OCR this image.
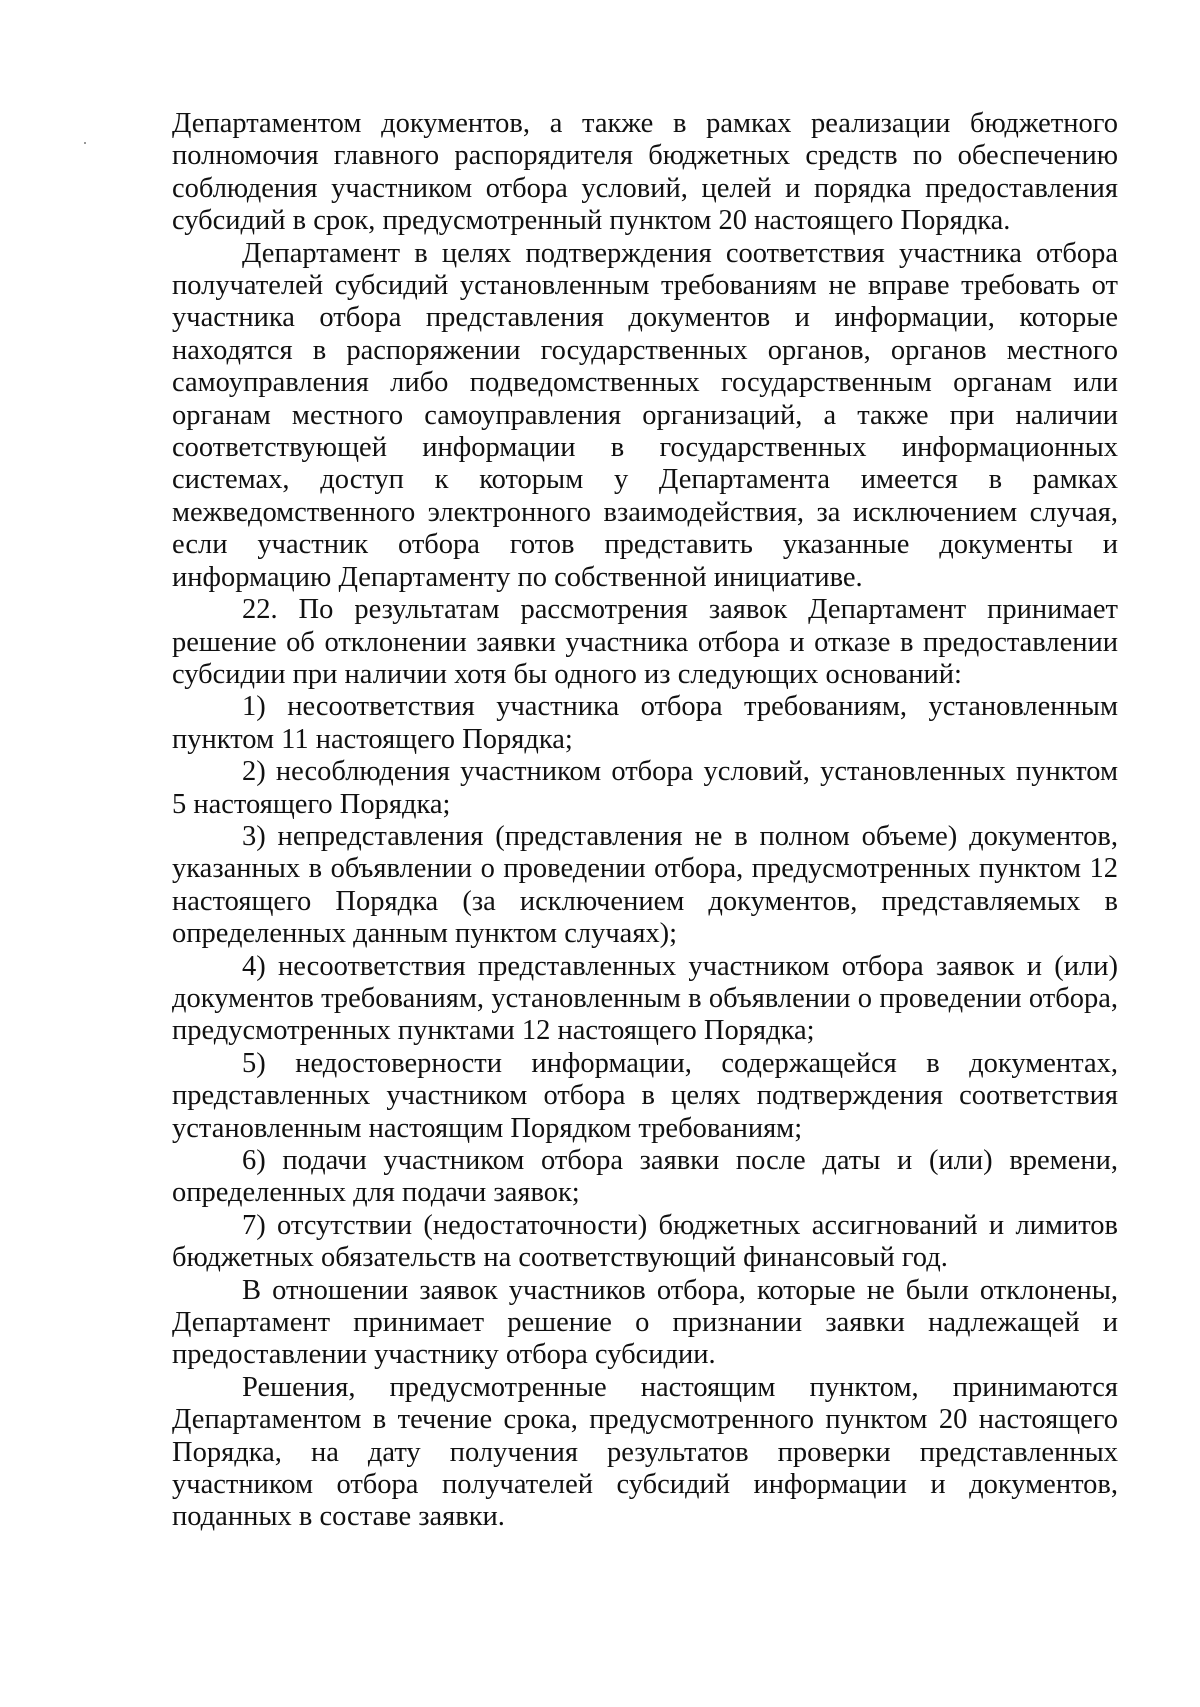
Департаментом документов, а также в рамках реализации бюджетного полномочия главного распорядителя бюджетных средств по обеспечению соблюдения участником отбора условий, целей и порядка предоставления субсидий в срок, предусмотренный пунктом 20 настоящего Порядка.

Департамент в целях подтверждения соответствия участника отбора получателей субсидий установленным требованиям не вправе требовать от участника отбора представления документов и информации, которые находятся в распоряжении государственных органов, органов местного самоуправления либо подведомственных государственным органам или органам местного самоуправления организаций, а также при наличии соответствующей информации в государственных информационных системах, доступ к которым у Департамента имеется в рамках межведомственного электронного взаимодействия, за исключением случая, если участник отбора готов представить указанные документы и информацию Департаменту по собственной инициативе.

22. По результатам рассмотрения заявок Департамент принимает решение об отклонении заявки участника отбора и отказе в предоставлении субсидии при наличии хотя бы одного из следующих оснований:

1) несоответствия участника отбора требованиям, установленным пунктом 11 настоящего Порядка;

2) несоблюдения участником отбора условий, установленных пунктом 5 настоящего Порядка;

3) непредставления (представления не в полном объеме) документов, указанных в объявлении о проведении отбора, предусмотренных пунктом 12 настоящего Порядка (за исключением документов, представляемых в определенных данным пунктом случаях);

4) несоответствия представленных участником отбора заявок и (или) документов требованиям, установленным в объявлении о проведении отбора, предусмотренных пунктами 12 настоящего Порядка;

5) недостоверности информации, содержащейся в документах, представленных участником отбора в целях подтверждения соответствия установленным настоящим Порядком требованиям;

6) подачи участником отбора заявки после даты и (или) времени, определенных для подачи заявок;

7) отсутствии (недостаточности) бюджетных ассигнований и лимитов бюджетных обязательств на соответствующий финансовый год.

В отношении заявок участников отбора, которые не были отклонены, Департамент принимает решение о признании заявки надлежащей и предоставлении участнику отбора субсидии.

Решения, предусмотренные настоящим пунктом, принимаются Департаментом в течение срока, предусмотренного пунктом 20 настоящего Порядка, на дату получения результатов проверки представленных участником отбора получателей субсидий информации и документов, поданных в составе заявки.
